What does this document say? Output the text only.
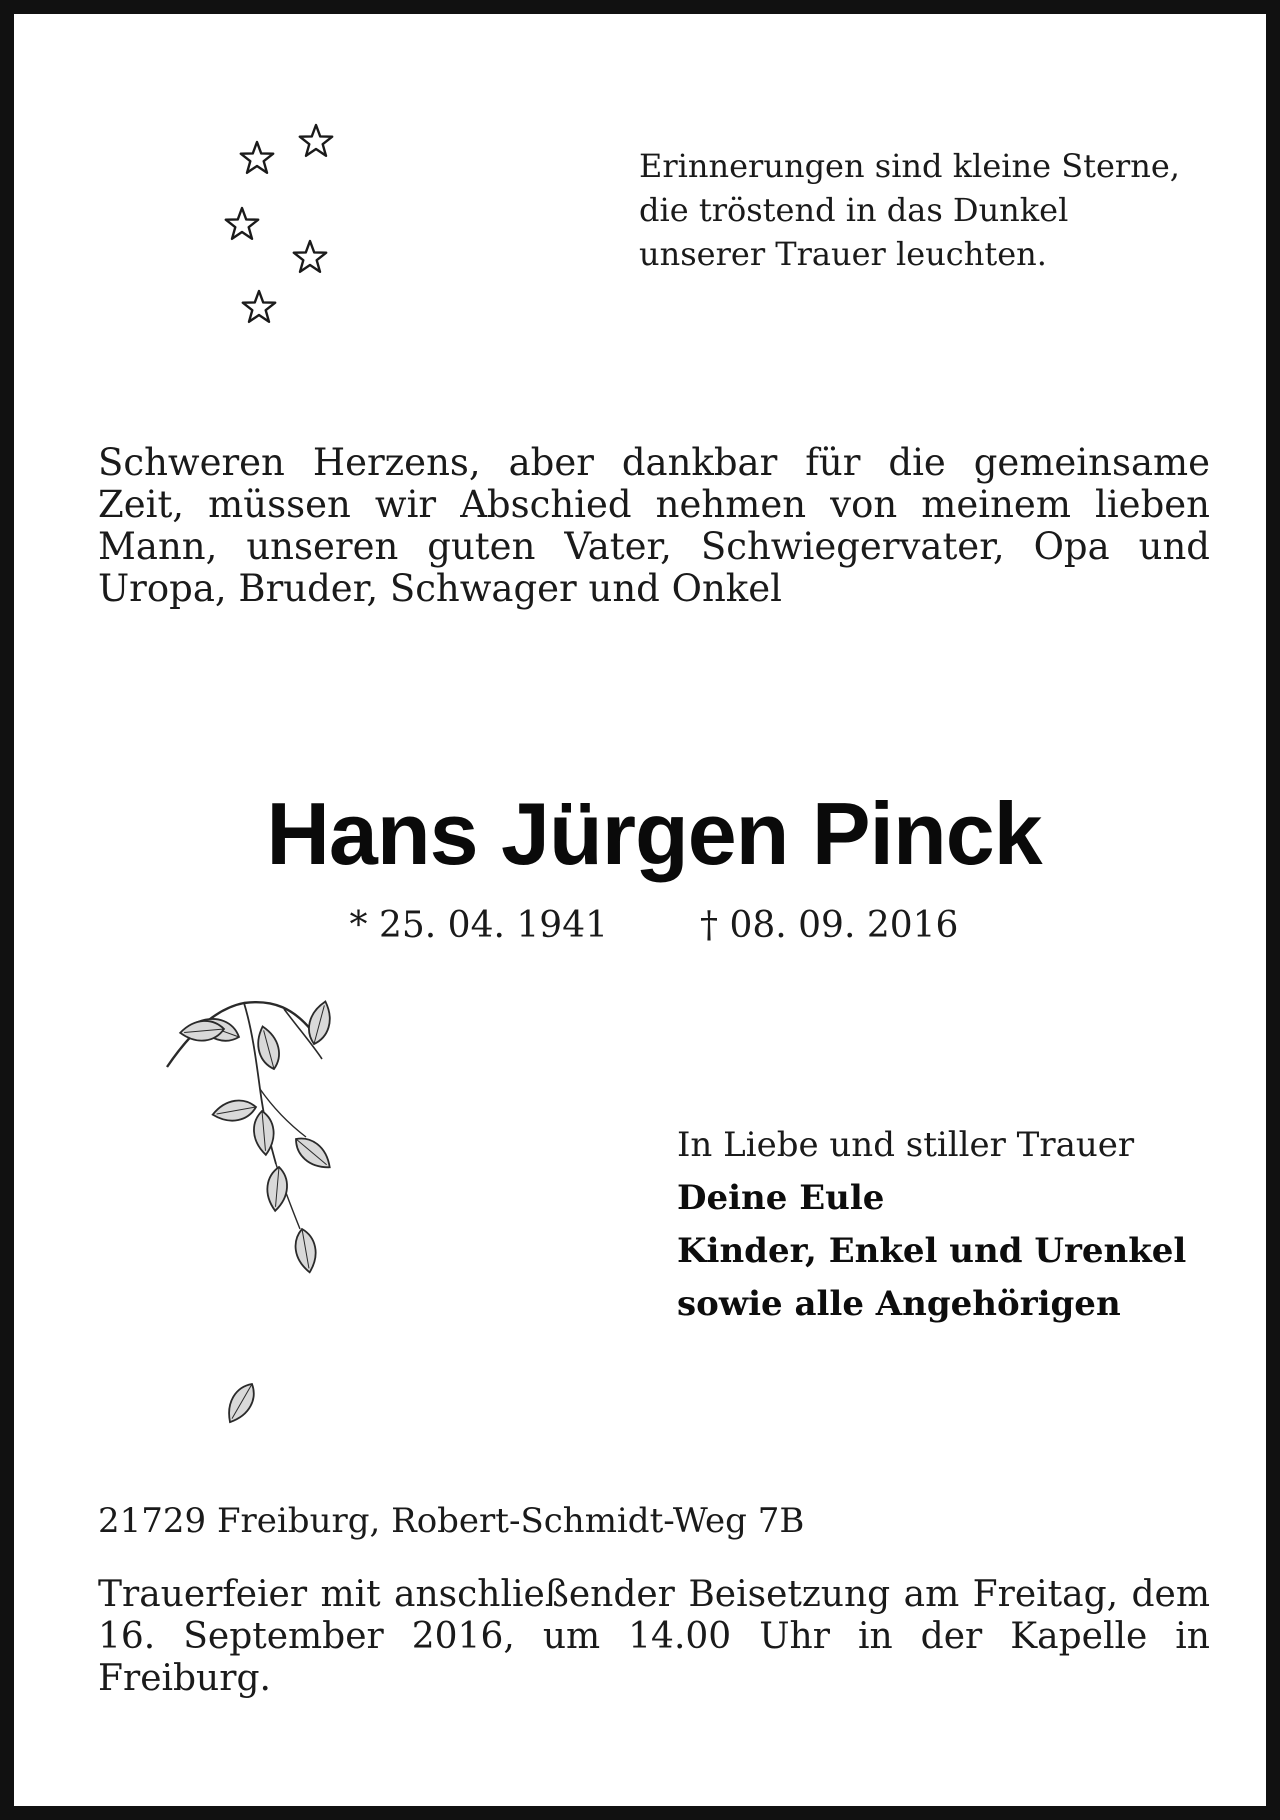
Erinnerungen sind kleine Sterne,
die tröstend in das Dunkel
unserer Trauer leuchten.
Schweren Herzens, aber dankbar für die gemeinsame Zeit, müssen wir Abschied nehmen von meinem lieben Mann, unseren guten Vater, Schwiegervater, Opa und Uropa, Bruder, Schwager und Onkel
Hans Jürgen Pinck
* 25. 04. 1941	† 08. 09. 2016
In Liebe und stiller Trauer
Deine Eule
Kinder, Enkel und Urenkel
sowie alle Angehörigen
21729 Freiburg, Robert-Schmidt-Weg 7B
Trauerfeier mit anschließender Beisetzung am Freitag, dem 16. September 2016, um 14.00 Uhr in der Kapelle in Freiburg.
